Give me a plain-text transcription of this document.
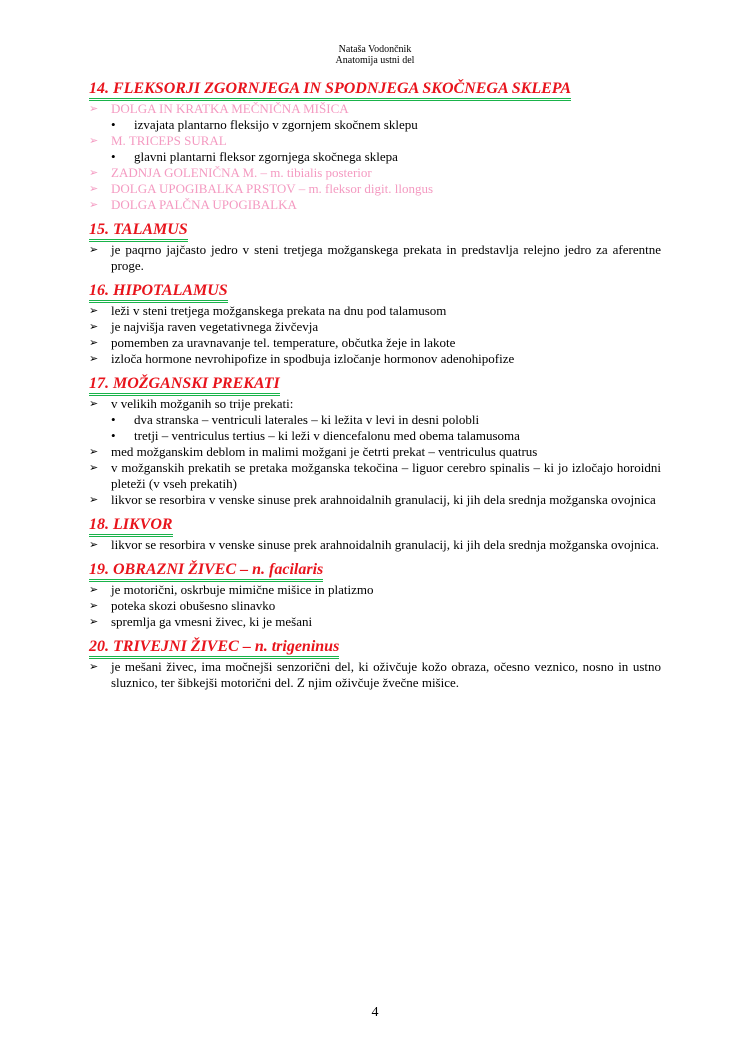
Nataša Vodončnik
Anatomija ustni del
14. FLEKSORJI ZGORNJEGA IN SPODNJEGA SKOČNEGA SKLEPA
➢ DOLGA IN KRATKA MEČNIČNA MIŠICA
• izvajata plantarno fleksijo v zgornjem skočnem sklepu
➢ M. TRICEPS SURAL
• glavni plantarni fleksor zgornjega skočnega sklepa
➢ ZADNJA GOLENIČNA M. – m. tibialis posterior
➢ DOLGA UPOGIBALKA PRSTOV – m. fleksor digit. llongus
➢ DOLGA PALČNA UPOGIBALKA
15. TALAMUS
➢ je paqrno jajčasto jedro v steni tretjega možganskega prekata in predstavlja relejno jedro za aferentne proge.
16. HIPOTALAMUS
➢ leži v steni tretjega možganskega prekata na dnu pod talamusom
➢ je najvišja raven vegetativnega živčevja
➢ pomemben za uravnavanje tel. temperature, občutka žeje in lakote
➢ izloča hormone nevrohipofize in spodbuja izločanje hormonov adenohipofize
17. MOŽGANSKI PREKATI
➢ v velikih možganih so trije prekati:
• dva stranska – ventriculi laterales – ki ležita v levi in desni polobli
• tretji – ventriculus tertius – ki leži v diencefalonu med obema talamusoma
➢ med možganskim deblom in malimi možgani je četrti prekat – ventriculus quatrus
➢ v možganskih prekatih se pretaka možganska tekočina – liguor cerebro spinalis – ki jo izločajo horoidni pleteži (v vseh prekatih)
➢ likvor se resorbira v venske sinuse prek arahnoidalnih granulacij, ki jih dela srednja možganska ovojnica
18. LIKVOR
➢ likvor se resorbira v venske sinuse prek arahnoidalnih granulacij, ki jih dela srednja možganska ovojnica.
19. OBRAZNI ŽIVEC – n. facilaris
➢ je motorični, oskrbuje mimične mišice in platizmo
➢ poteka skozi obušesno slinavko
➢ spremlja ga vmesni živec, ki je mešani
20. TRIVEJNI ŽIVEC – n. trigeninus
➢ je mešani živec, ima močnejši senzorični del, ki oživčuje kožo obraza, očesno veznico, nosno in ustno sluznico, ter šibkejši motorični del. Z njim oživčuje žvečne mišice.
4
